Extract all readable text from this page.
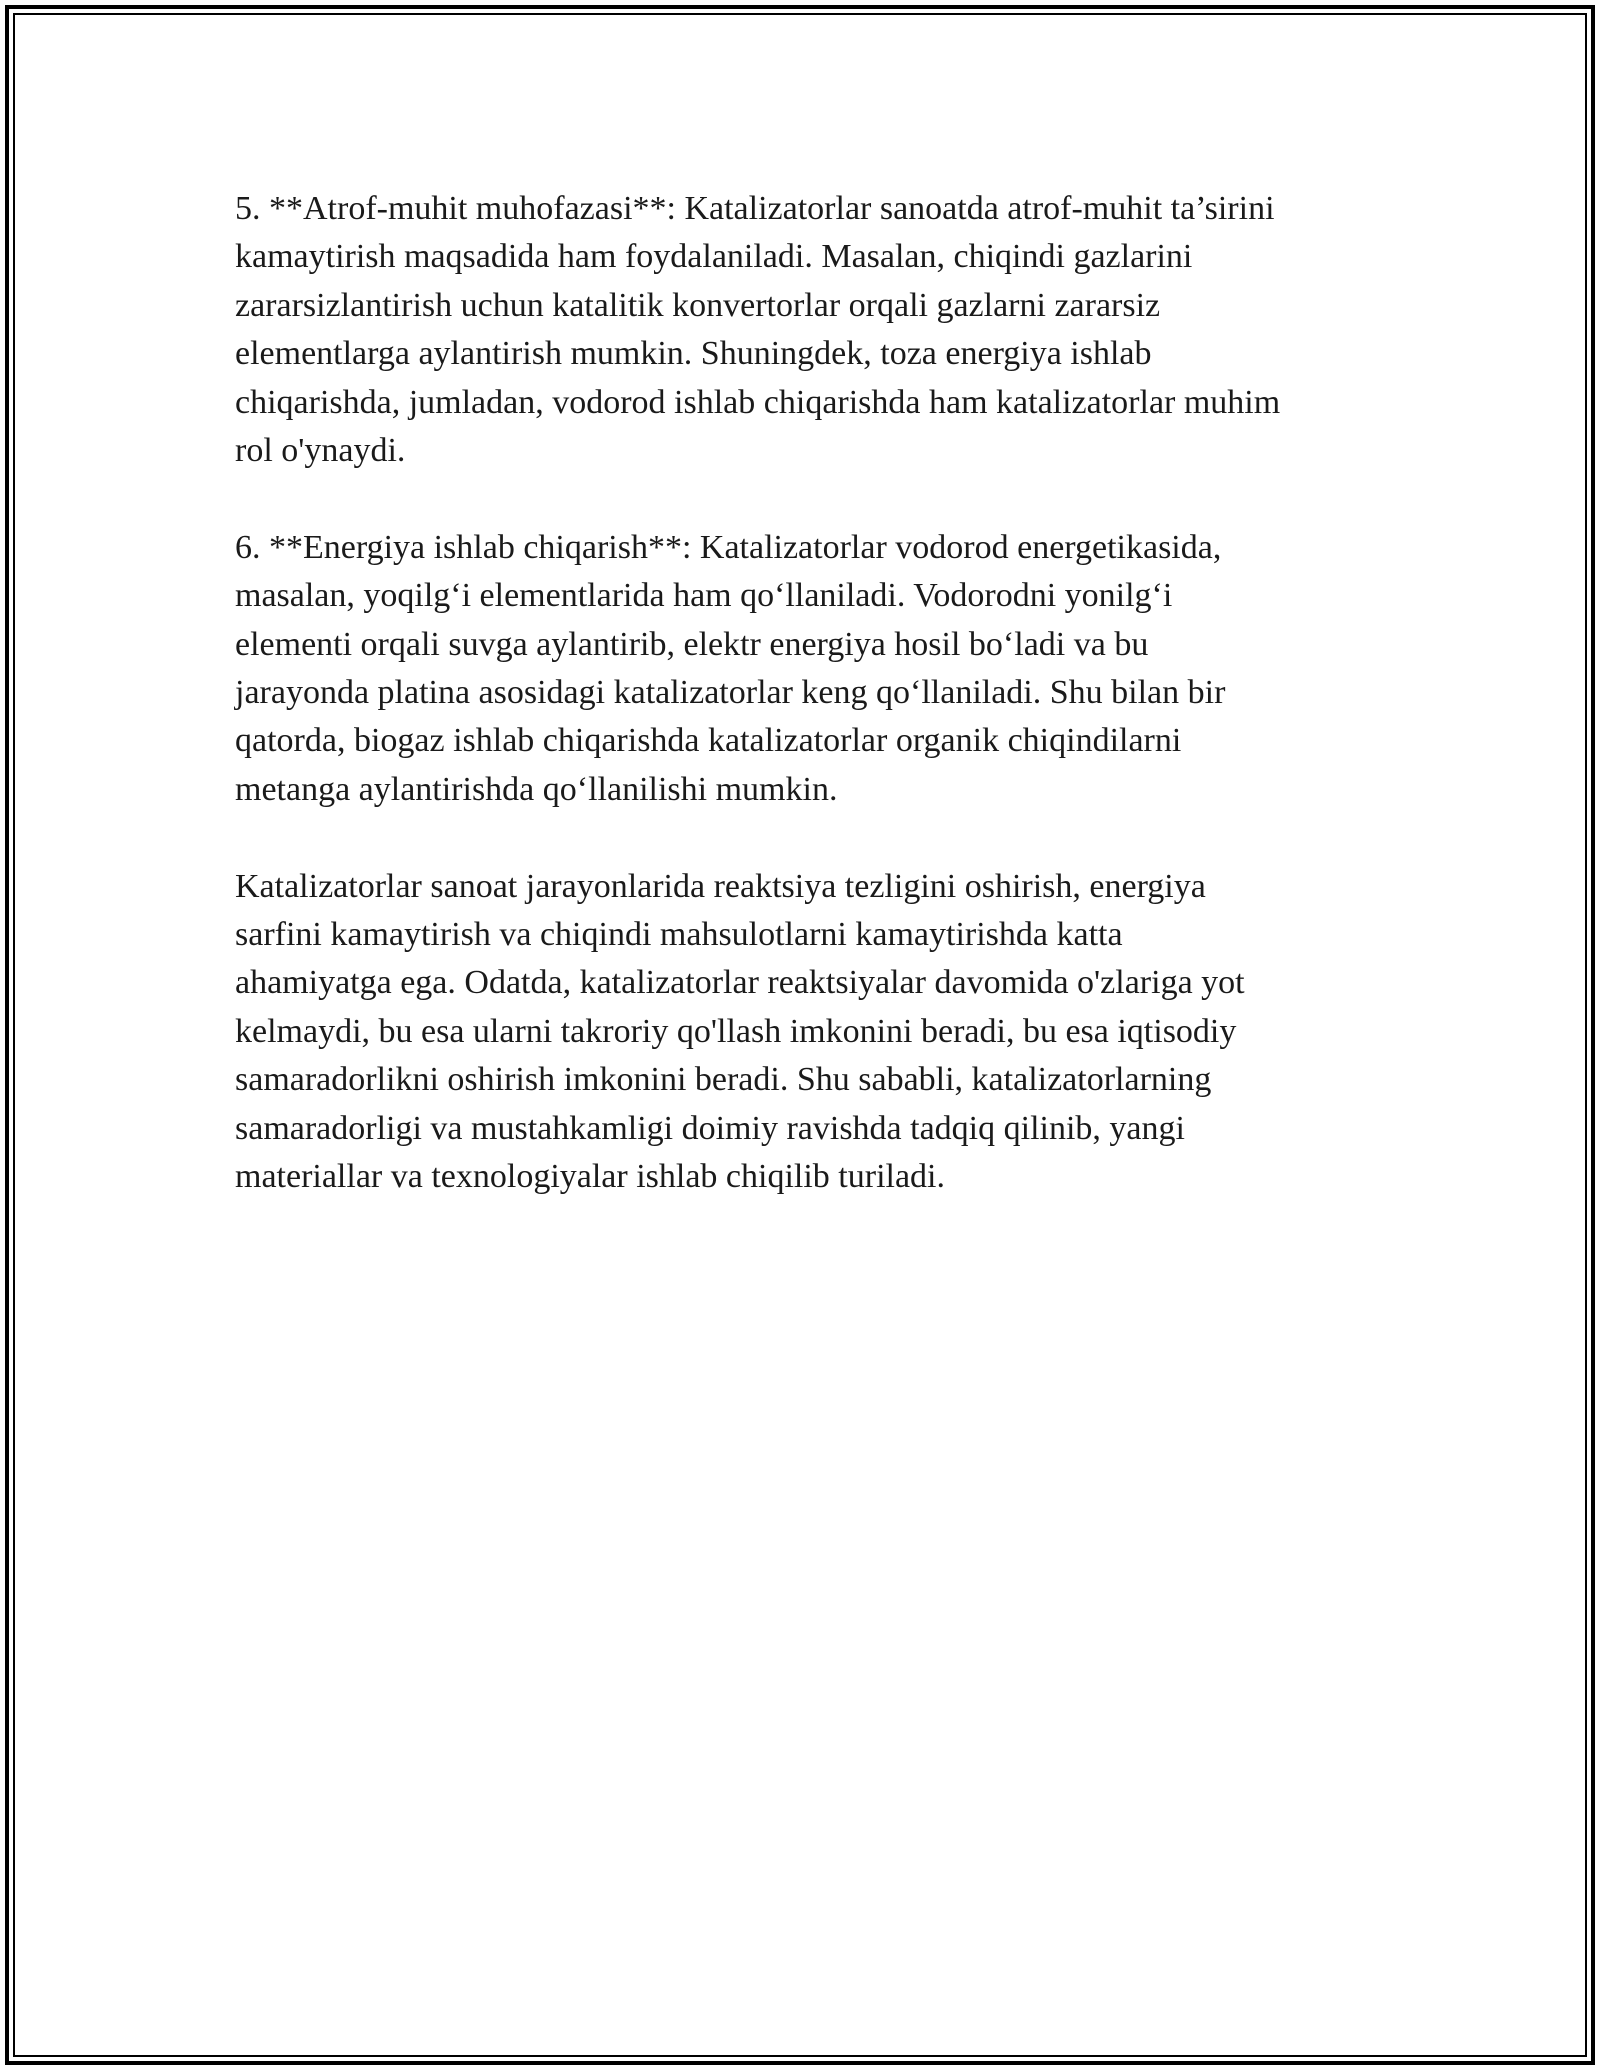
5. **Atrof-muhit muhofazasi**: Katalizatorlar sanoatda atrof-muhit ta’sirini
kamaytirish maqsadida ham foydalaniladi. Masalan, chiqindi gazlarini
zararsizlantirish uchun katalitik konvertorlar orqali gazlarni zararsiz
elementlarga aylantirish mumkin. Shuningdek, toza energiya ishlab
chiqarishda, jumladan, vodorod ishlab chiqarishda ham katalizatorlar muhim
rol o'ynaydi.

6. **Energiya ishlab chiqarish**: Katalizatorlar vodorod energetikasida,
masalan, yoqilg‘i elementlarida ham qo‘llaniladi. Vodorodni yonilg‘i
elementi orqali suvga aylantirib, elektr energiya hosil bo‘ladi va bu
jarayonda platina asosidagi katalizatorlar keng qo‘llaniladi. Shu bilan bir
qatorda, biogaz ishlab chiqarishda katalizatorlar organik chiqindilarni
metanga aylantirishda qo‘llanilishi mumkin.

Katalizatorlar sanoat jarayonlarida reaktsiya tezligini oshirish, energiya
sarfini kamaytirish va chiqindi mahsulotlarni kamaytirishda katta
ahamiyatga ega. Odatda, katalizatorlar reaktsiyalar davomida o'zlariga yot
kelmaydi, bu esa ularni takroriy qo'llash imkonini beradi, bu esa iqtisodiy
samaradorlikni oshirish imkonini beradi. Shu sababli, katalizatorlarning
samaradorligi va mustahkamligi doimiy ravishda tadqiq qilinib, yangi
materiallar va texnologiyalar ishlab chiqilib turiladi.
